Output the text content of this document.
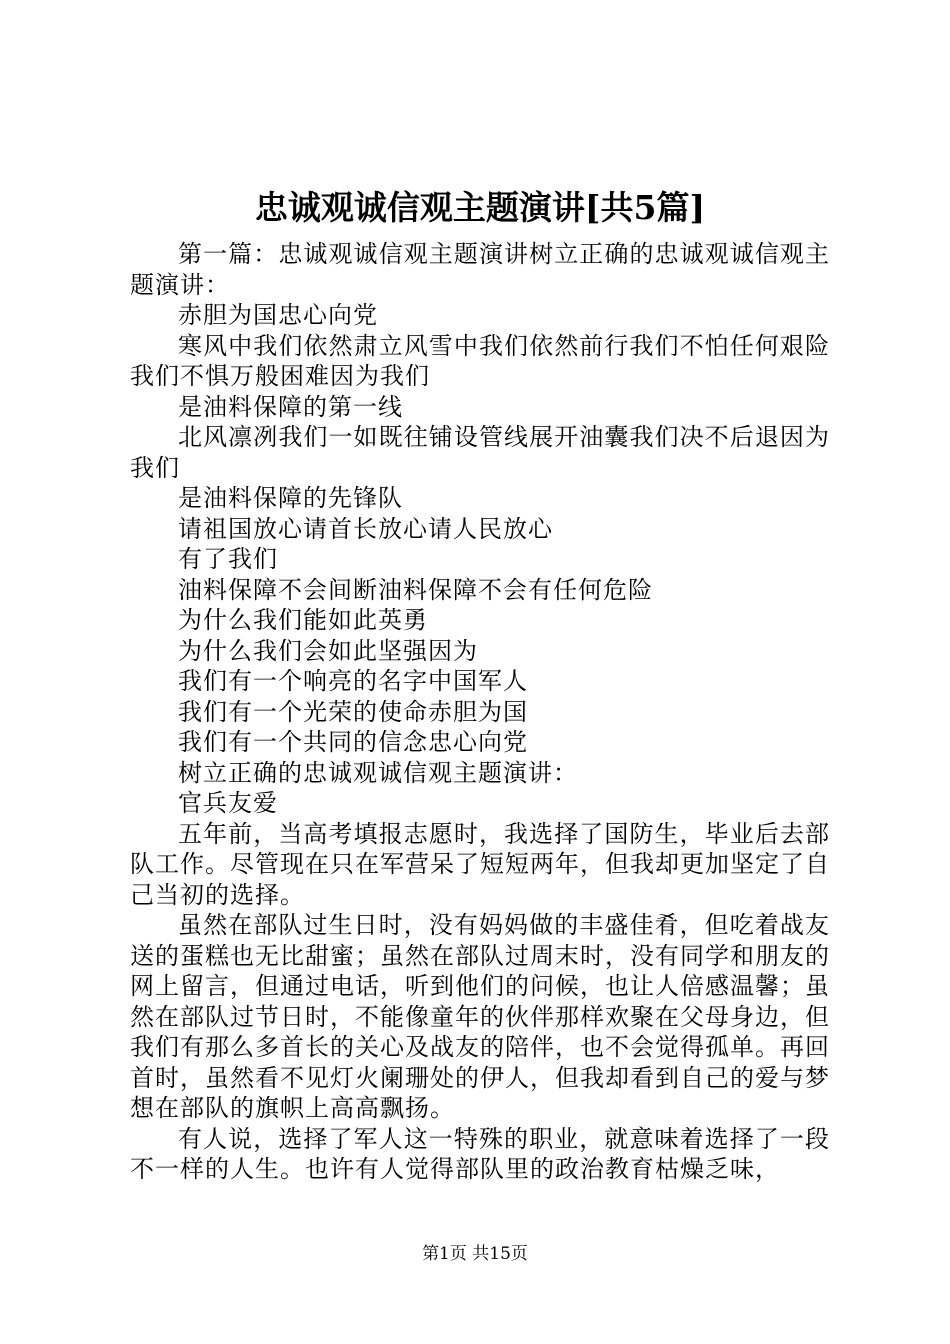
忠诚观诚信观主题演讲[共5篇]

第一篇：忠诚观诚信观主题演讲树立正确的忠诚观诚信观主题演讲：

赤胆为国忠心向党

寒风中我们依然肃立风雪中我们依然前行我们不怕任何艰险我们不惧万般困难因为我们

是油料保障的第一线

北风凛冽我们一如既往铺设管线展开油囊我们决不后退因为我们

是油料保障的先锋队

请祖国放心请首长放心请人民放心

有了我们

油料保障不会间断油料保障不会有任何危险

为什么我们能如此英勇

为什么我们会如此坚强因为

我们有一个响亮的名字中国军人

我们有一个光荣的使命赤胆为国

我们有一个共同的信念忠心向党

树立正确的忠诚观诚信观主题演讲：

官兵友爱

五年前，当高考填报志愿时，我选择了国防生，毕业后去部队工作。尽管现在只在军营呆了短短两年，但我却更加坚定了自己当初的选择。

虽然在部队过生日时，没有妈妈做的丰盛佳肴，但吃着战友送的蛋糕也无比甜蜜；虽然在部队过周末时，没有同学和朋友的网上留言，但通过电话，听到他们的问候，也让人倍感温馨；虽然在部队过节日时，不能像童年的伙伴那样欢聚在父母身边，但我们有那么多首长的关心及战友的陪伴，也不会觉得孤单。再回首时，虽然看不见灯火阑珊处的伊人，但我却看到自己的爱与梦想在部队的旗帜上高高飘扬。

有人说，选择了军人这一特殊的职业，就意味着选择了一段不一样的人生。也许有人觉得部队里的政治教育枯燥乏味，

第1页 共15页
